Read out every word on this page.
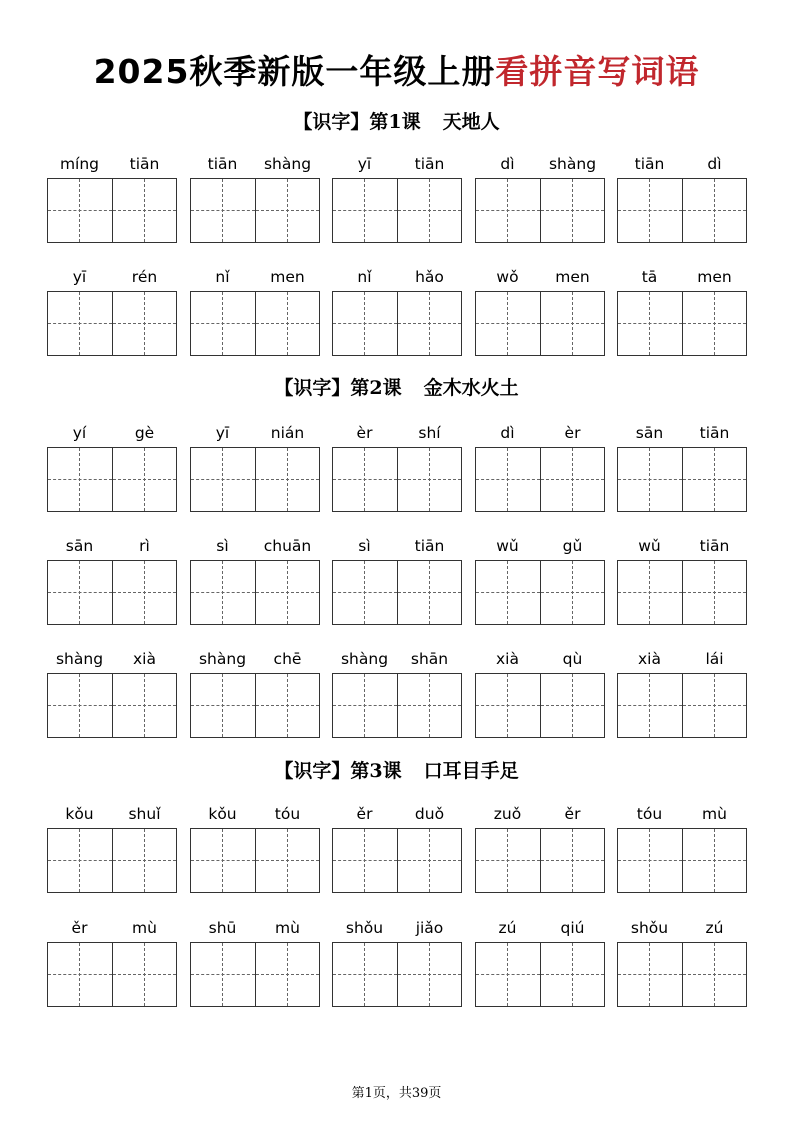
2025秋季新版一年级上册看拼音写词语
【识字】第1课 天地人
míng	tiān	tiān	shàng	yī	tiān	dì	shàng	tiān	dì
yī	rén	nǐ	men	nǐ	hǎo	wǒ	men	tā	men
【识字】第2课 金木水火土
yí	gè	yī	nián	èr	shí	dì	èr	sān	tiān
sān	rì	sì	chuān	sì	tiān	wǔ	gǔ	wǔ	tiān
shàng	xià	shàng	chē	shàng	shān	xià	qù	xià	lái
【识字】第3课 口耳目手足
kǒu	shuǐ	kǒu	tóu	ěr	duǒ	zuǒ	ěr	tóu	mù
ěr	mù	shū	mù	shǒu	jiǎo	zú	qiú	shǒu	zú
第1页，共39页
